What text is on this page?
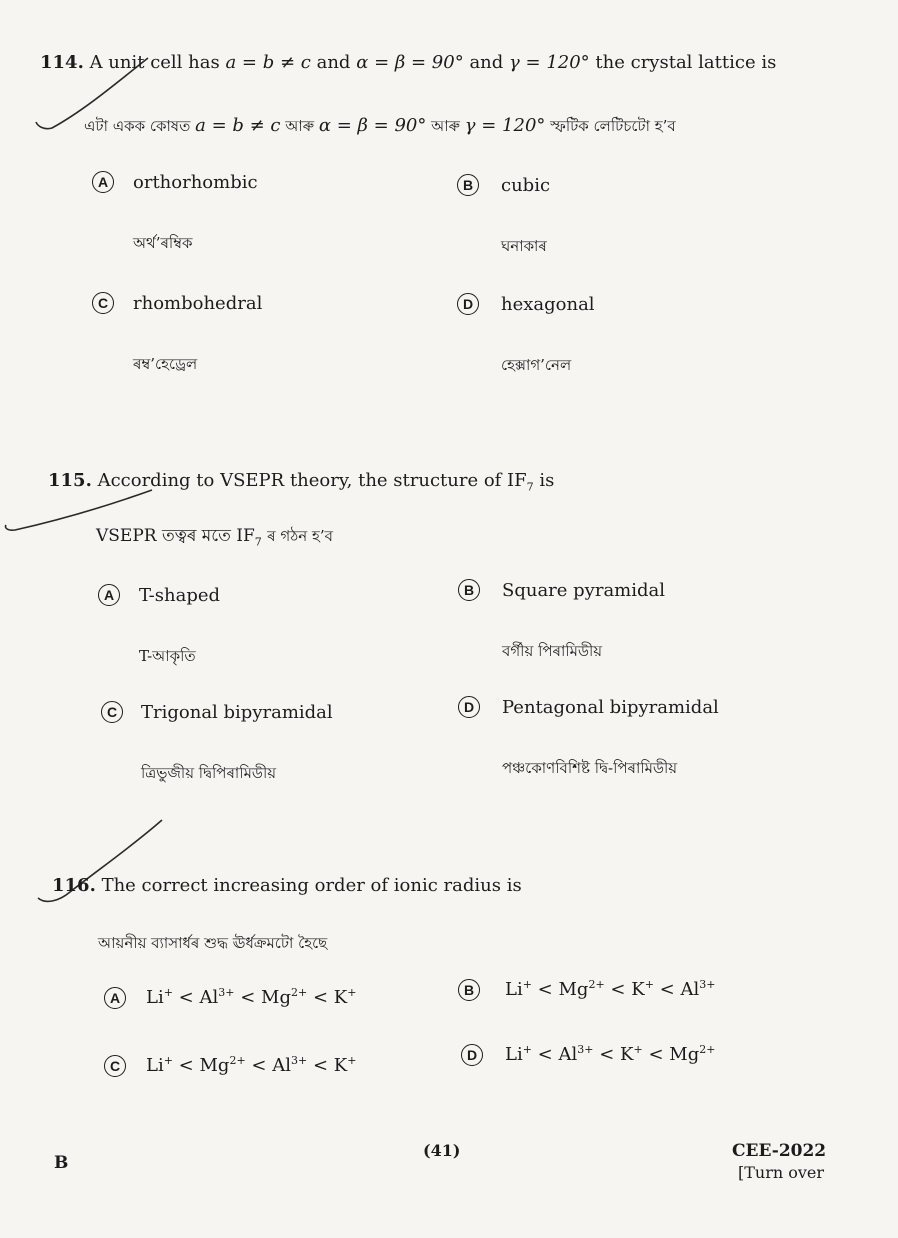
114. A unit cell has a = b ≠ c and α = β = 90° and γ = 120° the crystal lattice is
এটা একক কোষত a = b ≠ c আৰু α = β = 90° আৰু γ = 120° স্ফটিক লেটিচটো হ’ব
A	orthorhombic
অৰ্থ’ৰম্বিক
B	cubic
ঘনাকাৰ
C	rhombohedral
ৰম্ব’হেড্ৰেল
D	hexagonal
হেক্সাগ’নেল
115. According to VSEPR theory, the structure of $IF_7$ is
VSEPR তত্বৰ মতে $IF_7$ ৰ গঠন হ’ব
A	T-shaped
T-আকৃতি
B	Square pyramidal
বৰ্গীয় পিৰামিডীয়
C	Trigonal bipyramidal
ত্ৰিভুজীয় দ্বিপিৰামিডীয়
D	Pentagonal bipyramidal
পঞ্চকোণবিশিষ্ট দ্বি-পিৰামিডীয়
116. The correct increasing order of ionic radius is
আয়নীয় ব্যাসাৰ্ধৰ শুদ্ধ ঊৰ্ধক্ৰমটো হৈছে
A	$Li^+ < Al^{3+} < Mg^{2+} < K^+$	B	$Li^+ < Mg^{2+} < K^+ < Al^{3+}$
C	$Li^+ < Mg^{2+} < Al^{3+} < K^+$	D	$Li^+ < Al^{3+} < K^+ < Mg^{2+}$
B
(41)	CEE-2022
[Turn over
